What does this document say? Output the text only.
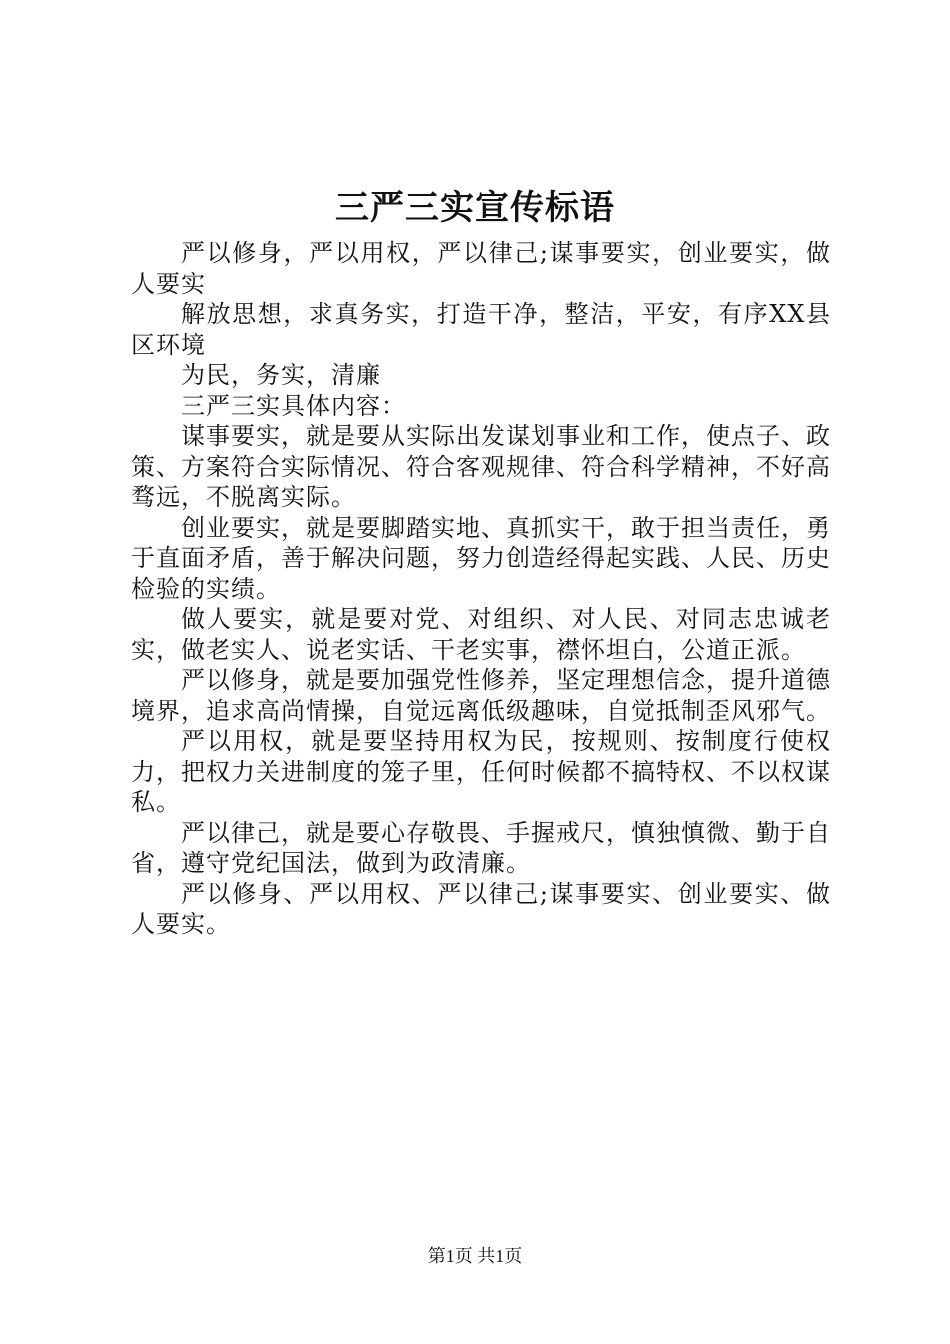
三严三实宣传标语

严以修身，严以用权，严以律己;谋事要实，创业要实，做人要实

解放思想，求真务实，打造干净，整洁，平安，有序XX县区环境

为民，务实，清廉

三严三实具体内容：

谋事要实，就是要从实际出发谋划事业和工作，使点子、政策、方案符合实际情况、符合客观规律、符合科学精神，不好高骛远，不脱离实际。

创业要实，就是要脚踏实地、真抓实干，敢于担当责任，勇于直面矛盾，善于解决问题，努力创造经得起实践、人民、历史检验的实绩。

做人要实，就是要对党、对组织、对人民、对同志忠诚老实，做老实人、说老实话、干老实事，襟怀坦白，公道正派。

严以修身，就是要加强党性修养，坚定理想信念，提升道德境界，追求高尚情操，自觉远离低级趣味，自觉抵制歪风邪气。

严以用权，就是要坚持用权为民，按规则、按制度行使权力，把权力关进制度的笼子里，任何时候都不搞特权、不以权谋私。

严以律己，就是要心存敬畏、手握戒尺，慎独慎微、勤于自省，遵守党纪国法，做到为政清廉。

严以修身、严以用权、严以律己;谋事要实、创业要实、做人要实。

第1页 共1页
